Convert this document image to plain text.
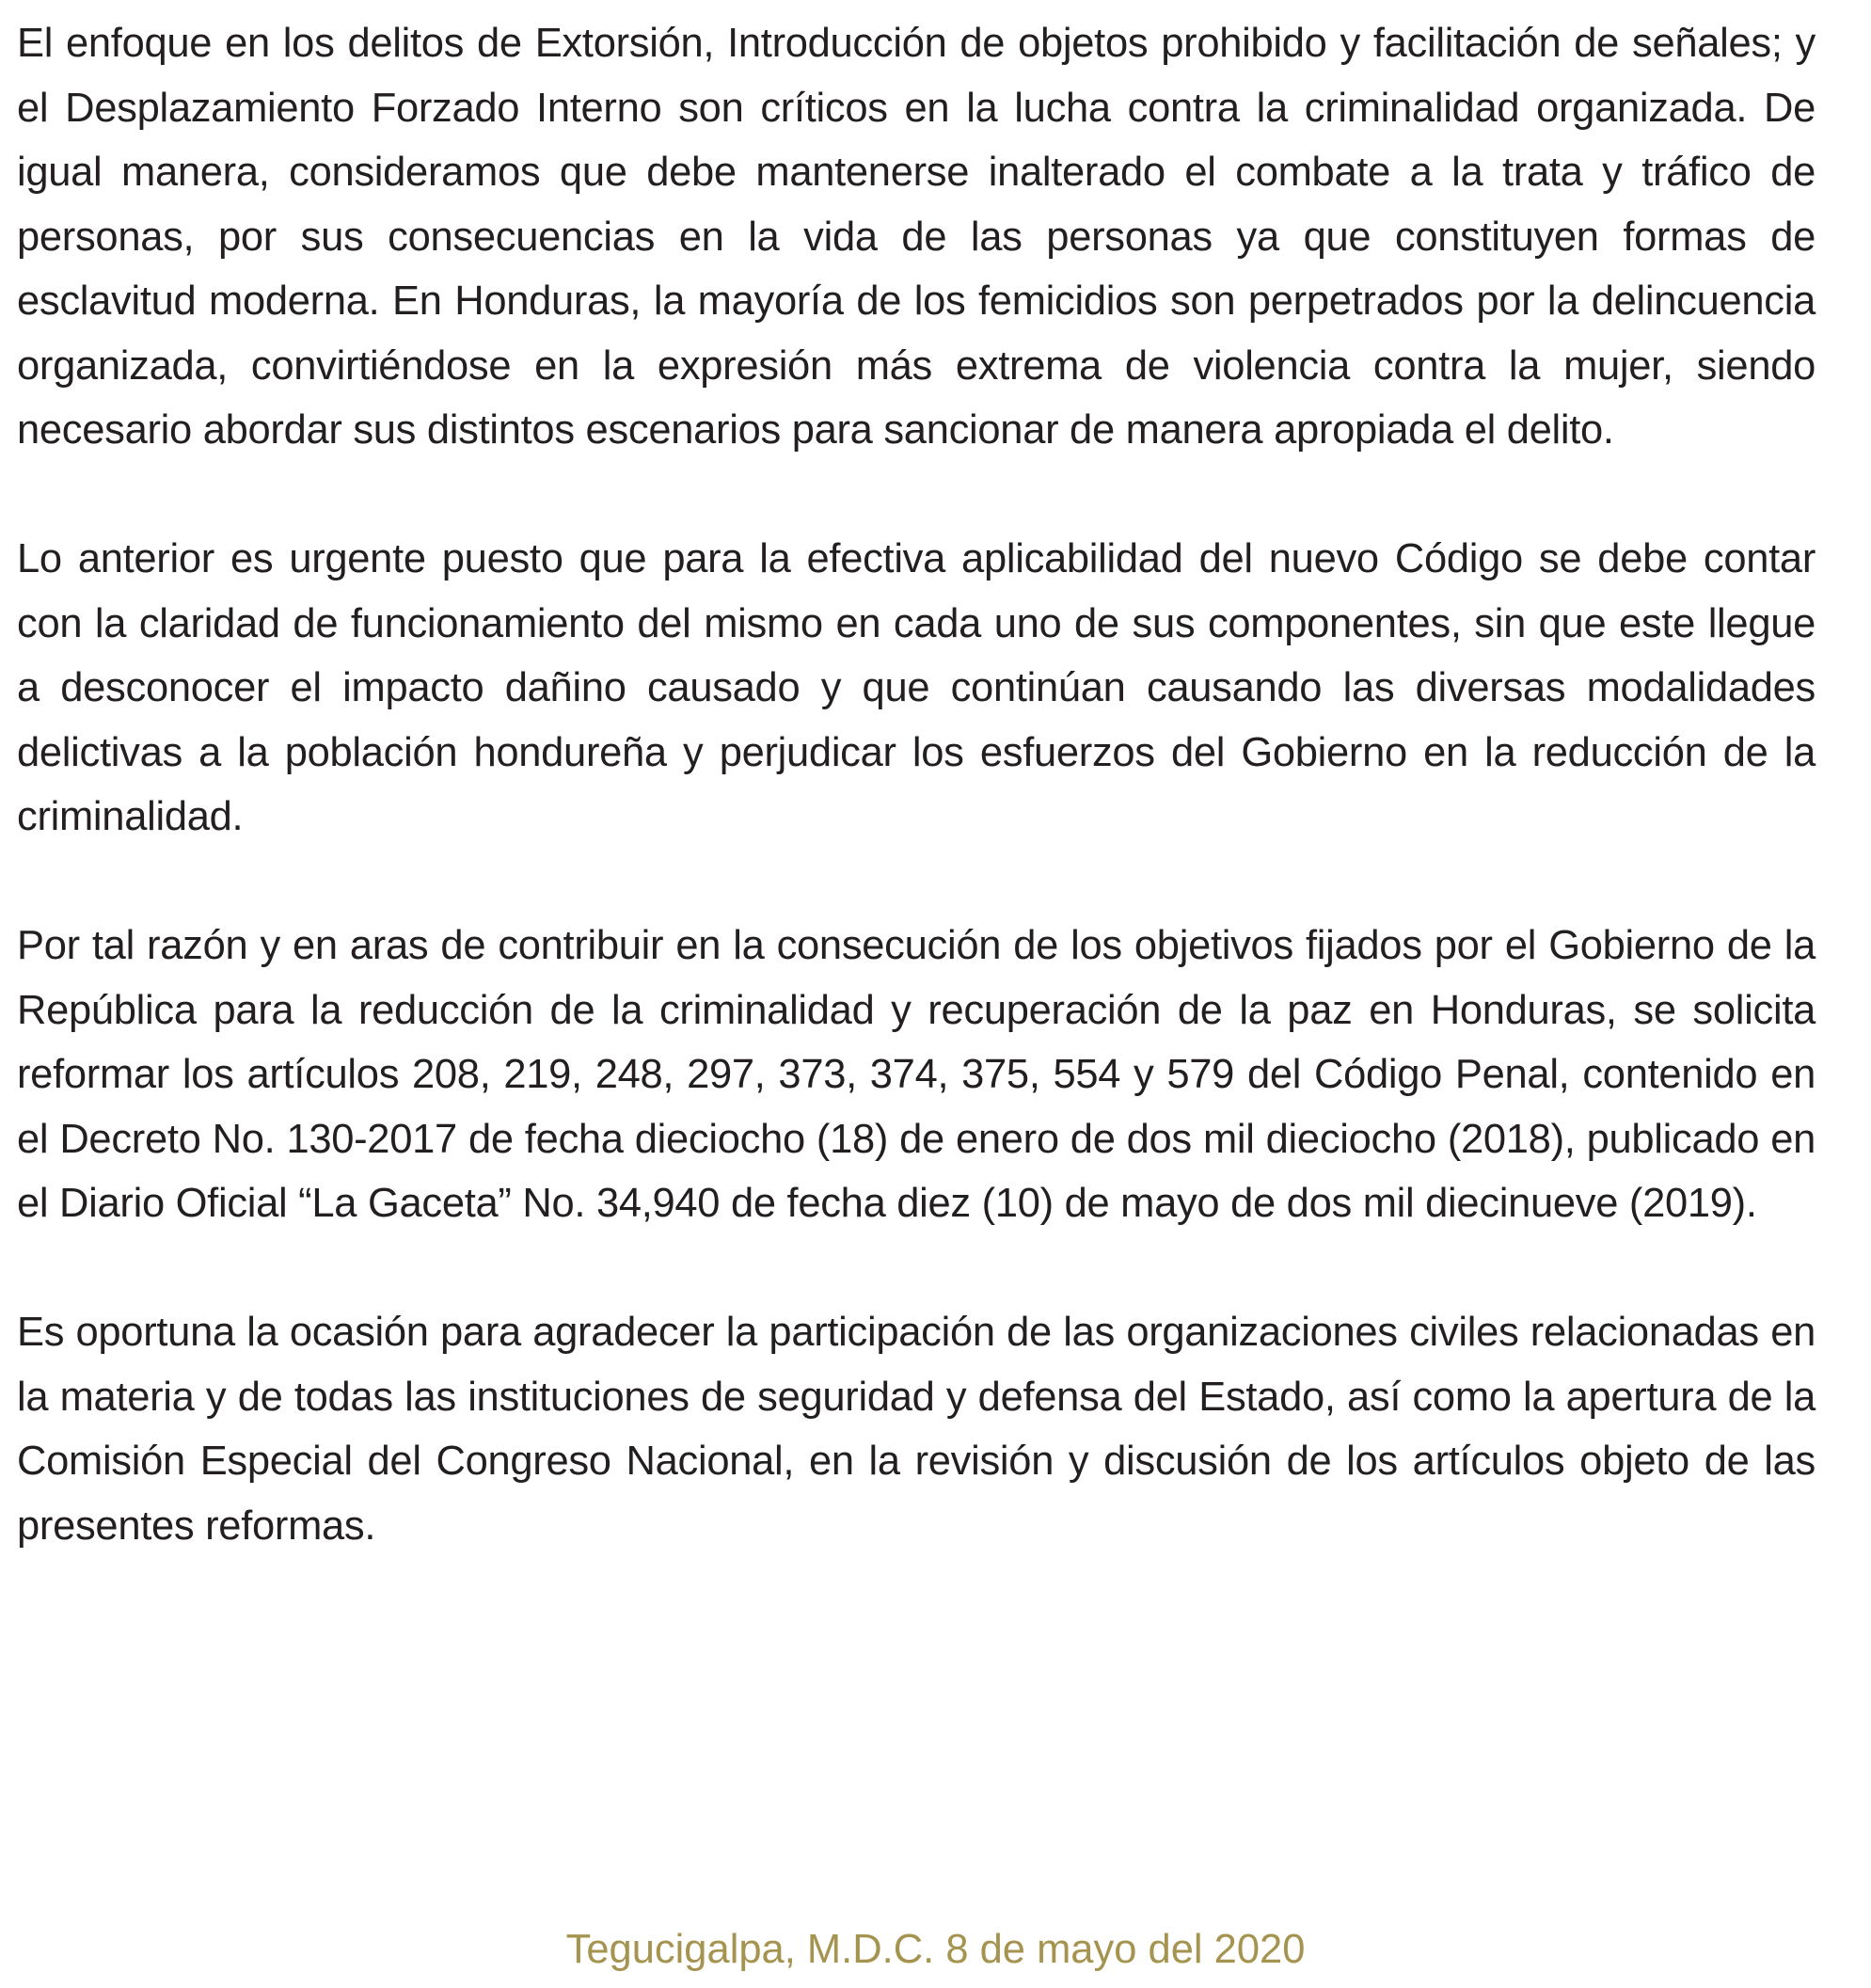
El enfoque en los delitos de Extorsión, Introducción de objetos prohibido y facilitación de señales; y el Desplazamiento Forzado Interno son críticos en la lucha contra la criminalidad organizada. De igual manera, consideramos que debe mantenerse inalterado el combate a la trata y tráfico de personas, por sus consecuencias en la vida de las personas ya que constituyen formas de esclavitud moderna. En Honduras, la mayoría de los femicidios son perpetrados por la delincuencia organizada, convirtiéndose en la expresión más extrema de violencia contra la mujer, siendo necesario abordar sus distintos escenarios para sancionar de manera apropiada el delito.

Lo anterior es urgente puesto que para la efectiva aplicabilidad del nuevo Código se debe contar con la claridad de funcionamiento del mismo en cada uno de sus componentes, sin que este llegue a desconocer el impacto dañino causado y que continúan causando las diversas modalidades delictivas a la población hondureña y perjudicar los esfuerzos del Gobierno en la reducción de la criminalidad.

Por tal razón y en aras de contribuir en la consecución de los objetivos fijados por el Gobierno de la República para la reducción de la criminalidad y recuperación de la paz en Honduras, se solicita reformar los artículos 208, 219, 248, 297, 373, 374, 375, 554 y 579 del Código Penal, contenido en el Decreto No. 130-2017 de fecha dieciocho (18) de enero de dos mil dieciocho (2018), publicado en el Diario Oficial “La Gaceta” No. 34,940 de fecha diez (10) de mayo de dos mil diecinueve (2019).

Es oportuna la ocasión para agradecer la participación de las organizaciones civiles relacionadas en la materia y de todas las instituciones de seguridad y defensa del Estado, así como la apertura de la Comisión Especial del Congreso Nacional, en la revisión y discusión de los artículos objeto de las presentes reformas.

Tegucigalpa, M.D.C. 8 de mayo del 2020
